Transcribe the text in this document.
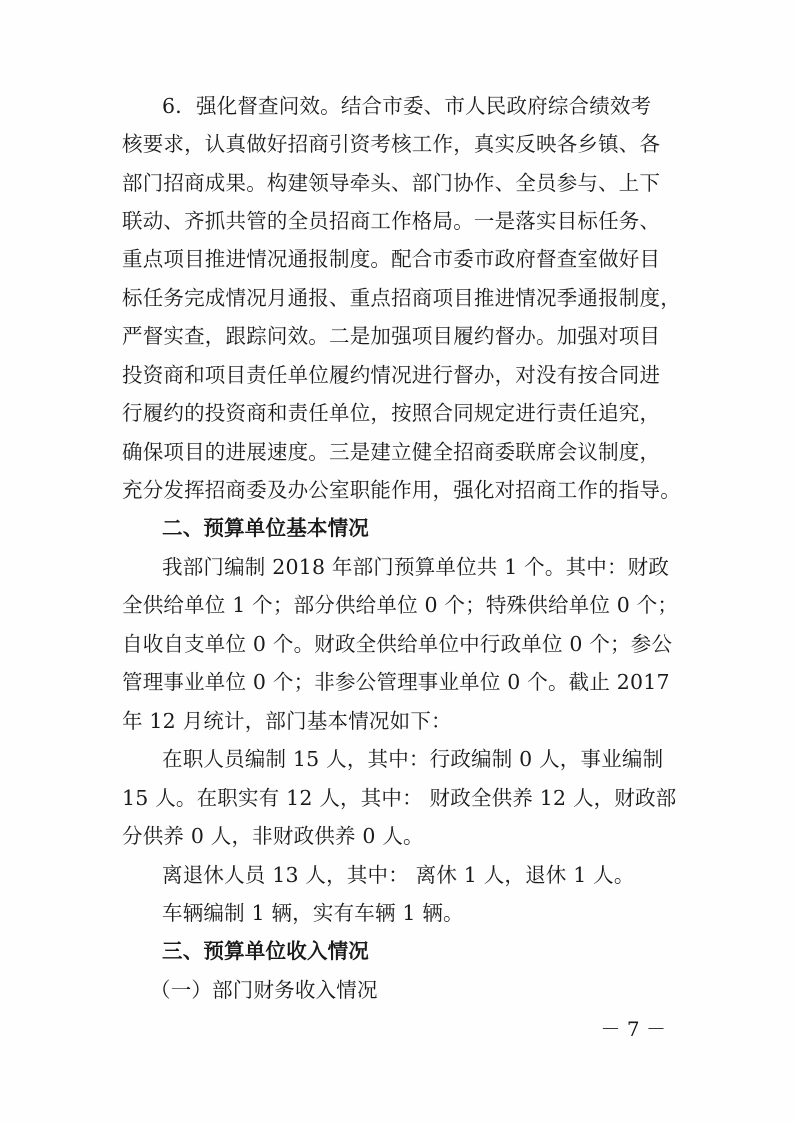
6．强化督查问效。结合市委、市人民政府综合绩效考
核要求，认真做好招商引资考核工作，真实反映各乡镇、各
部门招商成果。构建领导牵头、部门协作、全员参与、上下
联动、齐抓共管的全员招商工作格局。一是落实目标任务、
重点项目推进情况通报制度。配合市委市政府督查室做好目
标任务完成情况月通报、重点招商项目推进情况季通报制度，
严督实查，跟踪问效。二是加强项目履约督办。加强对项目
投资商和项目责任单位履约情况进行督办，对没有按合同进
行履约的投资商和责任单位，按照合同规定进行责任追究，
确保项目的进展速度。三是建立健全招商委联席会议制度，
充分发挥招商委及办公室职能作用，强化对招商工作的指导。
二、预算单位基本情况
我部门编制 2018 年部门预算单位共 1 个。其中：财政
全供给单位 1 个；部分供给单位 0 个；特殊供给单位 0 个；
自收自支单位 0 个。财政全供给单位中行政单位 0 个；参公
管理事业单位 0 个；非参公管理事业单位 0 个。截止 2017
年 12 月统计，部门基本情况如下：
在职人员编制 15 人，其中：行政编制 0 人，事业编制
15 人。在职实有 12 人，其中： 财政全供养 12 人，财政部
分供养 0 人，非财政供养 0 人。
离退休人员 13 人，其中： 离休 1 人，退休 1 人。
车辆编制 1 辆，实有车辆 1 辆。
三、预算单位收入情况
（一）部门财务收入情况
－ 7 －
